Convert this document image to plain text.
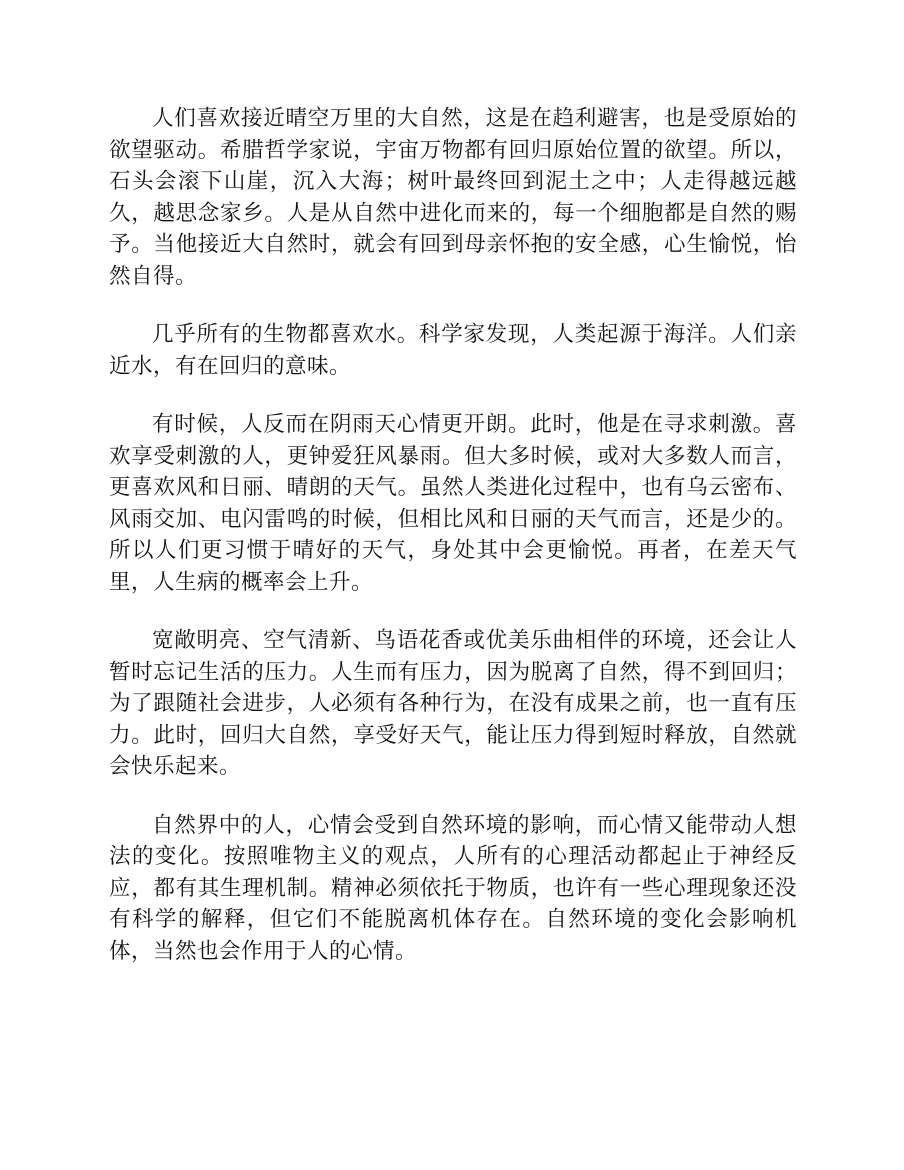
人们喜欢接近晴空万里的大自然，这是在趋利避害，也是受原始的欲望驱动。希腊哲学家说，宇宙万物都有回归原始位置的欲望。所以，石头会滚下山崖，沉入大海；树叶最终回到泥土之中；人走得越远越久，越思念家乡。人是从自然中进化而来的，每一个细胞都是自然的赐予。当他接近大自然时，就会有回到母亲怀抱的安全感，心生愉悦，怡然自得。

几乎所有的生物都喜欢水。科学家发现，人类起源于海洋。人们亲近水，有在回归的意味。

有时候，人反而在阴雨天心情更开朗。此时，他是在寻求刺激。喜欢享受刺激的人，更钟爱狂风暴雨。但大多时候，或对大多数人而言，更喜欢风和日丽、晴朗的天气。虽然人类进化过程中，也有乌云密布、风雨交加、电闪雷鸣的时候，但相比风和日丽的天气而言，还是少的。所以人们更习惯于晴好的天气，身处其中会更愉悦。再者，在差天气里，人生病的概率会上升。

宽敞明亮、空气清新、鸟语花香或优美乐曲相伴的环境，还会让人暂时忘记生活的压力。人生而有压力，因为脱离了自然，得不到回归；为了跟随社会进步，人必须有各种行为，在没有成果之前，也一直有压力。此时，回归大自然，享受好天气，能让压力得到短时释放，自然就会快乐起来。

自然界中的人，心情会受到自然环境的影响，而心情又能带动人想法的变化。按照唯物主义的观点，人所有的心理活动都起止于神经反应，都有其生理机制。精神必须依托于物质，也许有一些心理现象还没有科学的解释，但它们不能脱离机体存在。自然环境的变化会影响机体，当然也会作用于人的心情。
